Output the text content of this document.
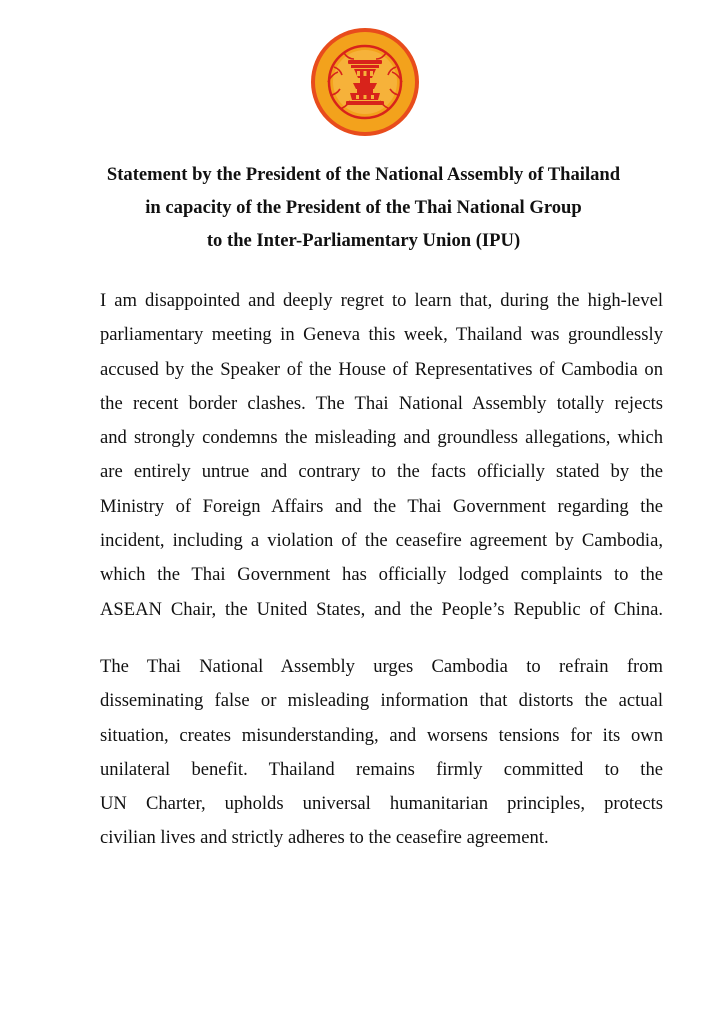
Statement by the President of the National Assembly of Thailand
in capacity of the President of the Thai National Group
to the Inter-Parliamentary Union (IPU)
I am disappointed and deeply regret to learn that, during the high-level
parliamentary meeting in Geneva this week, Thailand was groundlessly
accused by the Speaker of the House of Representatives of Cambodia on
the recent border clashes. The Thai National Assembly totally rejects
and strongly condemns the misleading and groundless allegations, which
are entirely untrue and contrary to the facts officially stated by the
Ministry of Foreign Affairs and the Thai Government regarding the
incident, including a violation of the ceasefire agreement by Cambodia,
which the Thai Government has officially lodged complaints to the
ASEAN Chair, the United States, and the People’s Republic of China.
The Thai National Assembly urges Cambodia to refrain from
disseminating false or misleading information that distorts the actual
situation, creates misunderstanding, and worsens tensions for its own
unilateral benefit. Thailand remains firmly committed to the
UN Charter, upholds universal humanitarian principles, protects
civilian lives and strictly adheres to the ceasefire agreement.
